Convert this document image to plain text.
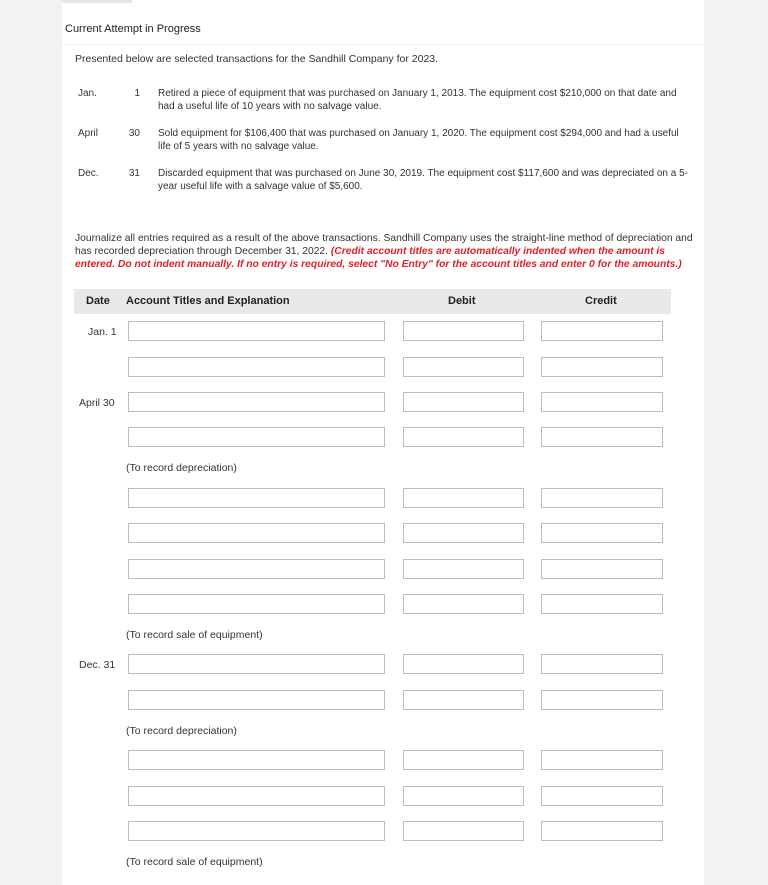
Current Attempt in Progress
Presented below are selected transactions for the Sandhill Company for 2023.
Jan.	1 Retired a piece of equipment that was purchased on January 1, 2013. The equipment cost $210,000 on that date and had a useful life of 10 years with no salvage value.
April	30 Sold equipment for $106,400 that was purchased on January 1, 2020. The equipment cost $294,000 and had a useful life of 5 years with no salvage value.
Dec.	31 Discarded equipment that was purchased on June 30, 2019. The equipment cost $117,600 and was depreciated on a 5-year useful life with a salvage value of $5,600.
Journalize all entries required as a result of the above transactions. Sandhill Company uses the straight-line method of depreciation and has recorded depreciation through December 31, 2022. (Credit account titles are automatically indented when the amount is entered. Do not indent manually. If no entry is required, select "No Entry" for the account titles and enter 0 for the amounts.)
Date Account Titles and Explanation	Debit	Credit
Jan. 1
April 30
(To record depreciation)
(To record sale of equipment)
Dec. 31
(To record depreciation)
(To record sale of equipment)
